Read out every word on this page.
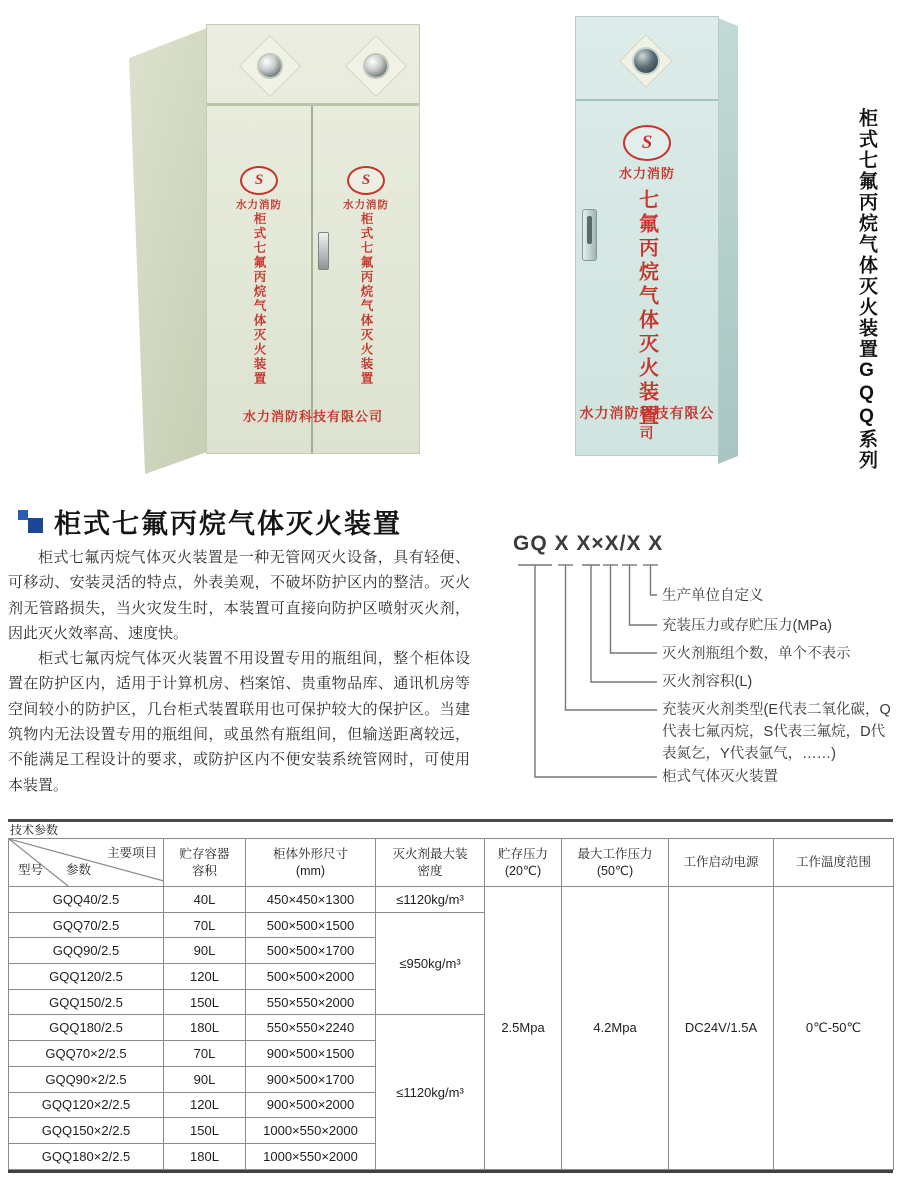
柜式七氟丙烷气体灭火装置GQQ系列
S
水力消防
柜式七氟丙烷气体灭火装置
S
水力消防
柜式七氟丙烷气体灭火装置
水力消防科技有限公司
S
水力消防
七氟丙烷气体灭火装置
水力消防科技有限公司
柜式七氟丙烷气体灭火装置

柜式七氟丙烷气体灭火装置是一种无管网灭火设备，具有轻便、可移动、安装灵活的特点，外表美观，不破坏防护区内的整洁。灭火剂无管路损失，当火灾发生时，本装置可直接向防护区喷射灭火剂，因此灭火效率高、速度快。

柜式七氟丙烷气体灭火装置不用设置专用的瓶组间，整个柜体设置在防护区内，适用于计算机房、档案馆、贵重物品库、通讯机房等空间较小的防护区，几台柜式装置联用也可保护较大的保护区。当建筑物内无法设置专用的瓶组间，或虽然有瓶组间，但输送距离较远，不能满足工程设计的要求，或防护区内不便安装系统管网时，可使用本装置。

GQ X X×X/X X
生产单位自定义
充装压力或存贮压力(MPa)
灭火剂瓶组个数，单个不表示
灭火剂容积(L)
充装灭火剂类型(E代表二氧化碳，Q代表七氟丙烷，S代表三氟烷，D代表氮乞，Y代表氩气，……)
柜式气体灭火装置
技术参数
主要项目
参数
型号

贮存容器
容积

柜体外形尺寸
(mm)

灭火剂最大装
密度

贮存压力
(20℃)

最大工作压力
(50℃)

工作启动电源	工作温度范围

GQQ40/2.5	40L	450×450×1300	≤1120kg/m³	2.5Mpa	4.2Mpa	DC24V/1.5A	0℃-50℃
GQQ70/2.5	70L	500×500×1500	≤950kg/m³				
GQQ90/2.5	90L	500×500×1700					
GQQ120/2.5	120L	500×500×2000					
GQQ150/2.5	150L	550×550×2000					
GQQ180/2.5	180L	550×550×2240	≤1120kg/m³				
GQQ70×2/2.5	70L	900×500×1500					
GQQ90×2/2.5	90L	900×500×1700					
GQQ120×2/2.5	120L	900×500×2000					
GQQ150×2/2.5	150L	1000×550×2000					
GQQ180×2/2.5	180L	1000×550×2000					
